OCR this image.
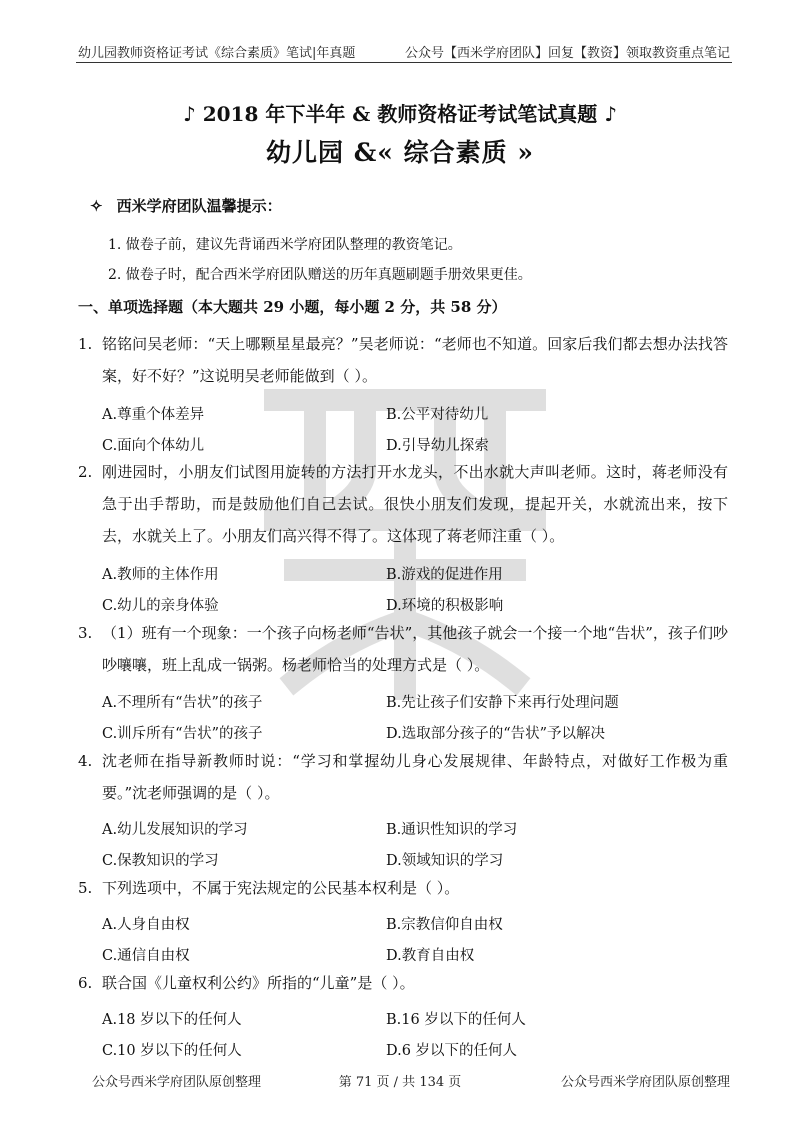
幼儿园教师资格证考试《综合素质》笔试|年真题	公众号【西米学府团队】回复【教资】领取教资重点笔记
西米学府
♪ 2018 年下半年 & 教师资格证考试笔试真题 ♪
幼儿园 &« 综合素质 »
✧ 西米学府团队温馨提示：
1. 做卷子前，建议先背诵西米学府团队整理的教资笔记。
2. 做卷子时，配合西米学府团队赠送的历年真题刷题手册效果更佳。
一、单项选择题（本大题共 29 小题，每小题 2 分，共 58 分）
1. 铭铭问吴老师：“天上哪颗星星最亮？”吴老师说：“老师也不知道。回家后我们都去想办法找答案，好不好？”这说明吴老师能做到（ ）。
A.尊重个体差异	B.公平对待幼儿
C.面向个体幼儿	D.引导幼儿探索
2. 刚进园时，小朋友们试图用旋转的方法打开水龙头，不出水就大声叫老师。这时，蒋老师没有急于出手帮助，而是鼓励他们自己去试。很快小朋友们发现，提起开关，水就流出来，按下去，水就关上了。小朋友们高兴得不得了。这体现了蒋老师注重（ ）。
A.教师的主体作用	B.游戏的促进作用
C.幼儿的亲身体验	D.环境的积极影响
3. （1）班有一个现象：一个孩子向杨老师“告状”，其他孩子就会一个接一个地“告状”，孩子们吵吵嚷嚷，班上乱成一锅粥。杨老师恰当的处理方式是（ ）。
A.不理所有“告状”的孩子	B.先让孩子们安静下来再行处理问题
C.训斥所有“告状”的孩子	D.选取部分孩子的“告状”予以解决
4. 沈老师在指导新教师时说：“学习和掌握幼儿身心发展规律、年龄特点，对做好工作极为重要。”沈老师强调的是（ ）。
A.幼儿发展知识的学习	B.通识性知识的学习
C.保教知识的学习	D.领域知识的学习
5. 下列选项中，不属于宪法规定的公民基本权利是（ ）。
A.人身自由权	B.宗教信仰自由权
C.通信自由权	D.教育自由权
6. 联合国《儿童权利公约》所指的“儿童”是（ ）。
A.18 岁以下的任何人	B.16 岁以下的任何人
C.10 岁以下的任何人	D.6 岁以下的任何人
公众号西米学府团队原创整理	第 71 页 / 共 134 页	公众号西米学府团队原创整理
